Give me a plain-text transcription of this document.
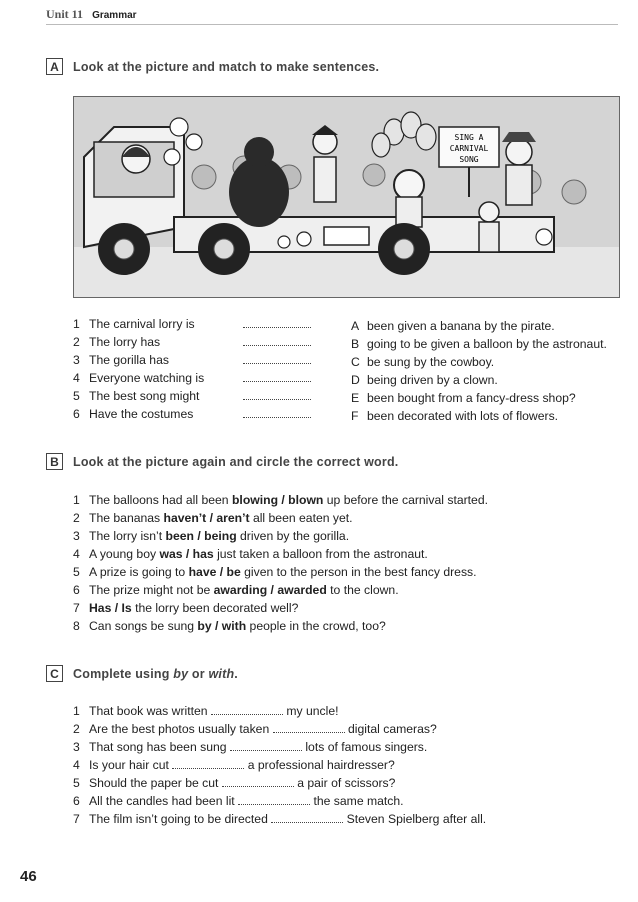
Unit 11 Grammar
A	Look at the picture and match to make sentences.
SING A
CARNIVAL
SONG
1 The carnival lorry is
2 The lorry has
3 The gorilla has
4 Everyone watching is
5 The best song might
6 Have the costumes
A been given a banana by the pirate.
B going to be given a balloon by the astronaut.
C be sung by the cowboy.
D being driven by a clown.
E been bought from a fancy-dress shop?
F been decorated with lots of flowers.
B	Look at the picture again and circle the correct word.
1 The balloons had all been blowing / blown up before the carnival started.
2 The bananas haven’t / aren’t all been eaten yet.
3 The lorry isn’t been / being driven by the gorilla.
4 A young boy was / has just taken a balloon from the astronaut.
5 A prize is going to have / be given to the person in the best fancy dress.
6 The prize might not be awarding / awarded to the clown.
7 Has / Is the lorry been decorated well?
8 Can songs be sung by / with people in the crowd, too?
C	Complete using by or with.
1 That book was written	my uncle!
2 Are the best photos usually taken	digital cameras?
3 That song has been sung	lots of famous singers.
4 Is your hair cut	a professional hairdresser?
5 Should the paper be cut	a pair of scissors?
6 All the candles had been lit	the same match.
7 The film isn’t going to be directed	Steven Spielberg after all.
46
